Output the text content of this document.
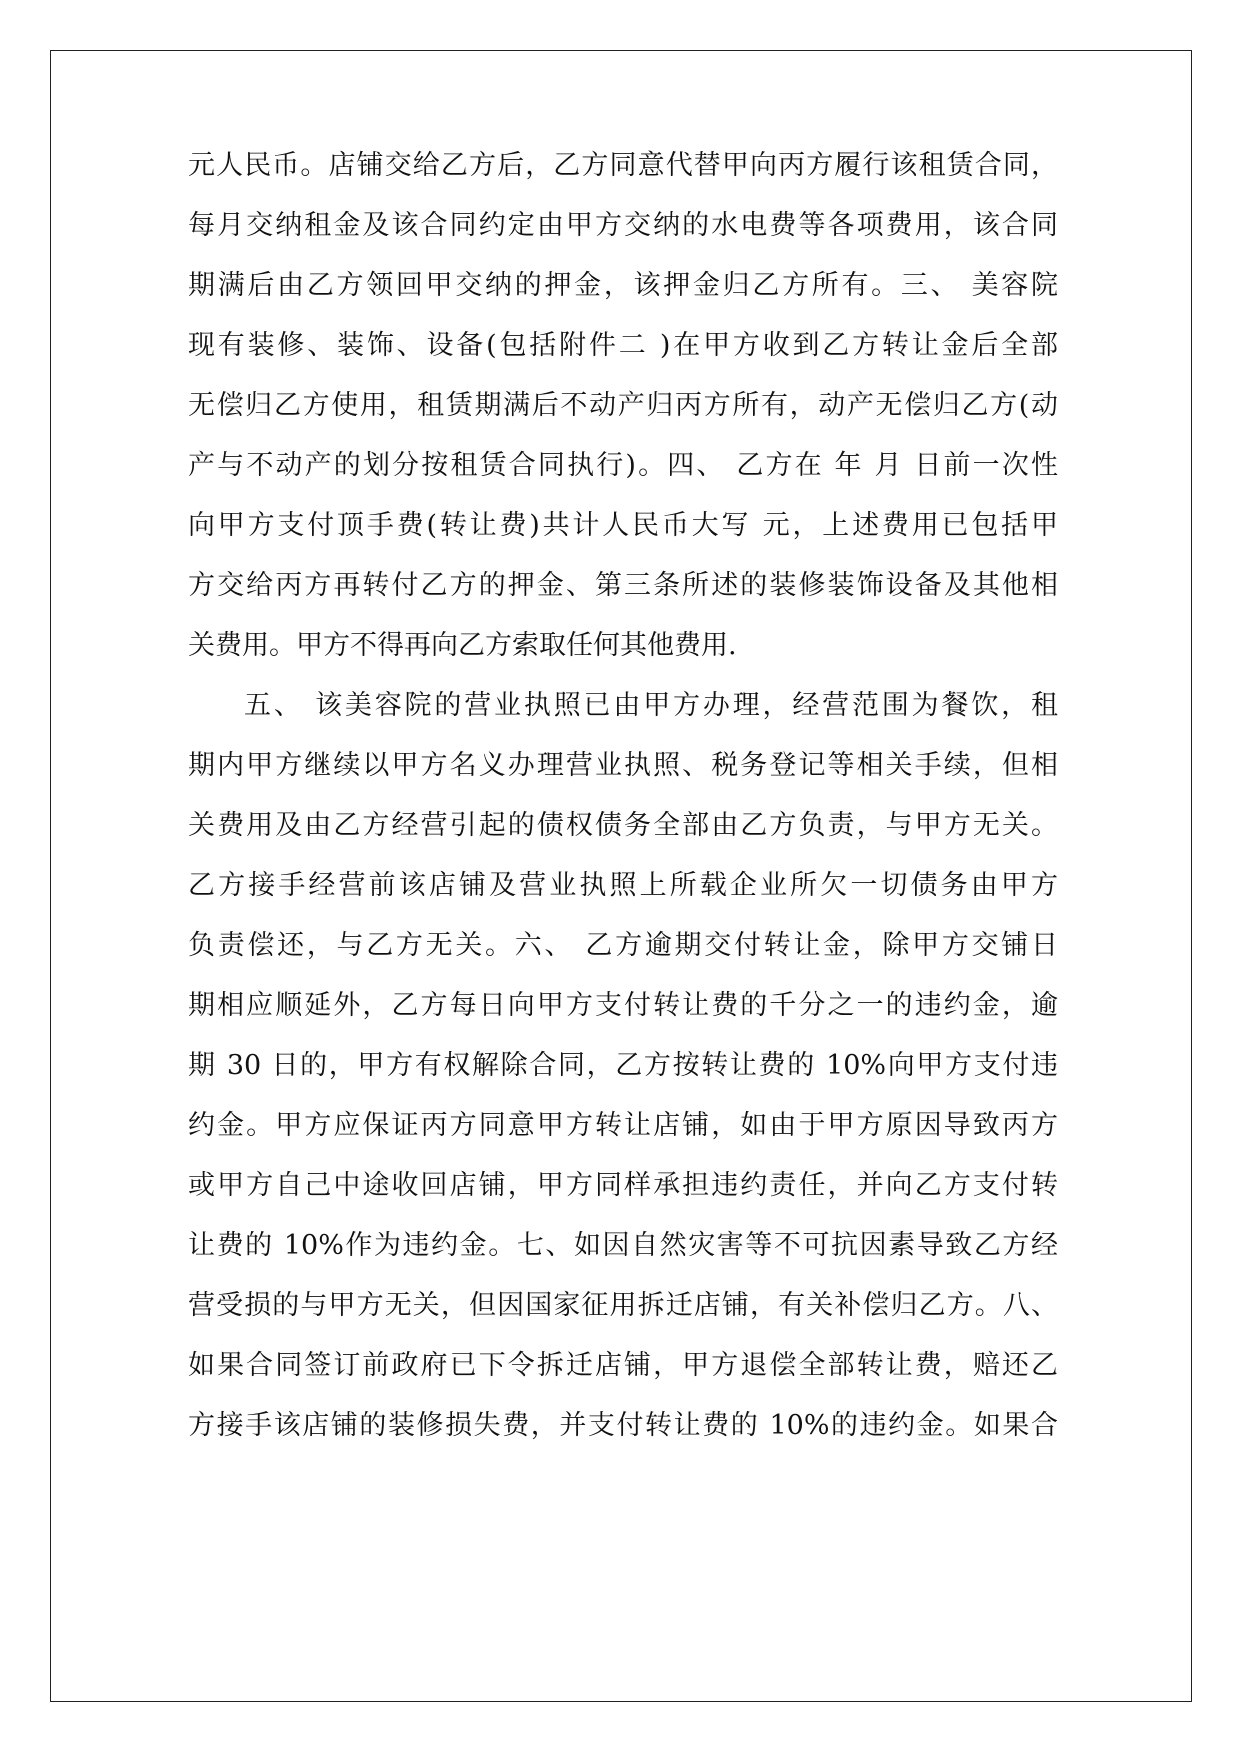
元人民币。店铺交给乙方后，乙方同意代替甲向丙方履行该租赁合同，
每月交纳租金及该合同约定由甲方交纳的水电费等各项费用，该合同
期满后由乙方领回甲交纳的押金，该押金归乙方所有。三、 美容院
现有装修、装饰、设备(包括附件二 )在甲方收到乙方转让金后全部
无偿归乙方使用，租赁期满后不动产归丙方所有，动产无偿归乙方(动
产与不动产的划分按租赁合同执行)。四、 乙方在 年 月 日前一次性
向甲方支付顶手费(转让费)共计人民币大写 元，上述费用已包括甲
方交给丙方再转付乙方的押金、第三条所述的装修装饰设备及其他相
关费用。甲方不得再向乙方索取任何其他费用.
五、 该美容院的营业执照已由甲方办理，经营范围为餐饮，租
期内甲方继续以甲方名义办理营业执照、税务登记等相关手续，但相
关费用及由乙方经营引起的债权债务全部由乙方负责，与甲方无关。
乙方接手经营前该店铺及营业执照上所载企业所欠一切债务由甲方
负责偿还，与乙方无关。六、 乙方逾期交付转让金，除甲方交铺日
期相应顺延外，乙方每日向甲方支付转让费的千分之一的违约金，逾
期 30 日的，甲方有权解除合同，乙方按转让费的 10%向甲方支付违
约金。甲方应保证丙方同意甲方转让店铺，如由于甲方原因导致丙方
或甲方自己中途收回店铺，甲方同样承担违约责任，并向乙方支付转
让费的 10%作为违约金。七、如因自然灾害等不可抗因素导致乙方经
营受损的与甲方无关，但因国家征用拆迁店铺，有关补偿归乙方。八、
如果合同签订前政府已下令拆迁店铺，甲方退偿全部转让费，赔还乙
方接手该店铺的装修损失费，并支付转让费的 10%的违约金。如果合
